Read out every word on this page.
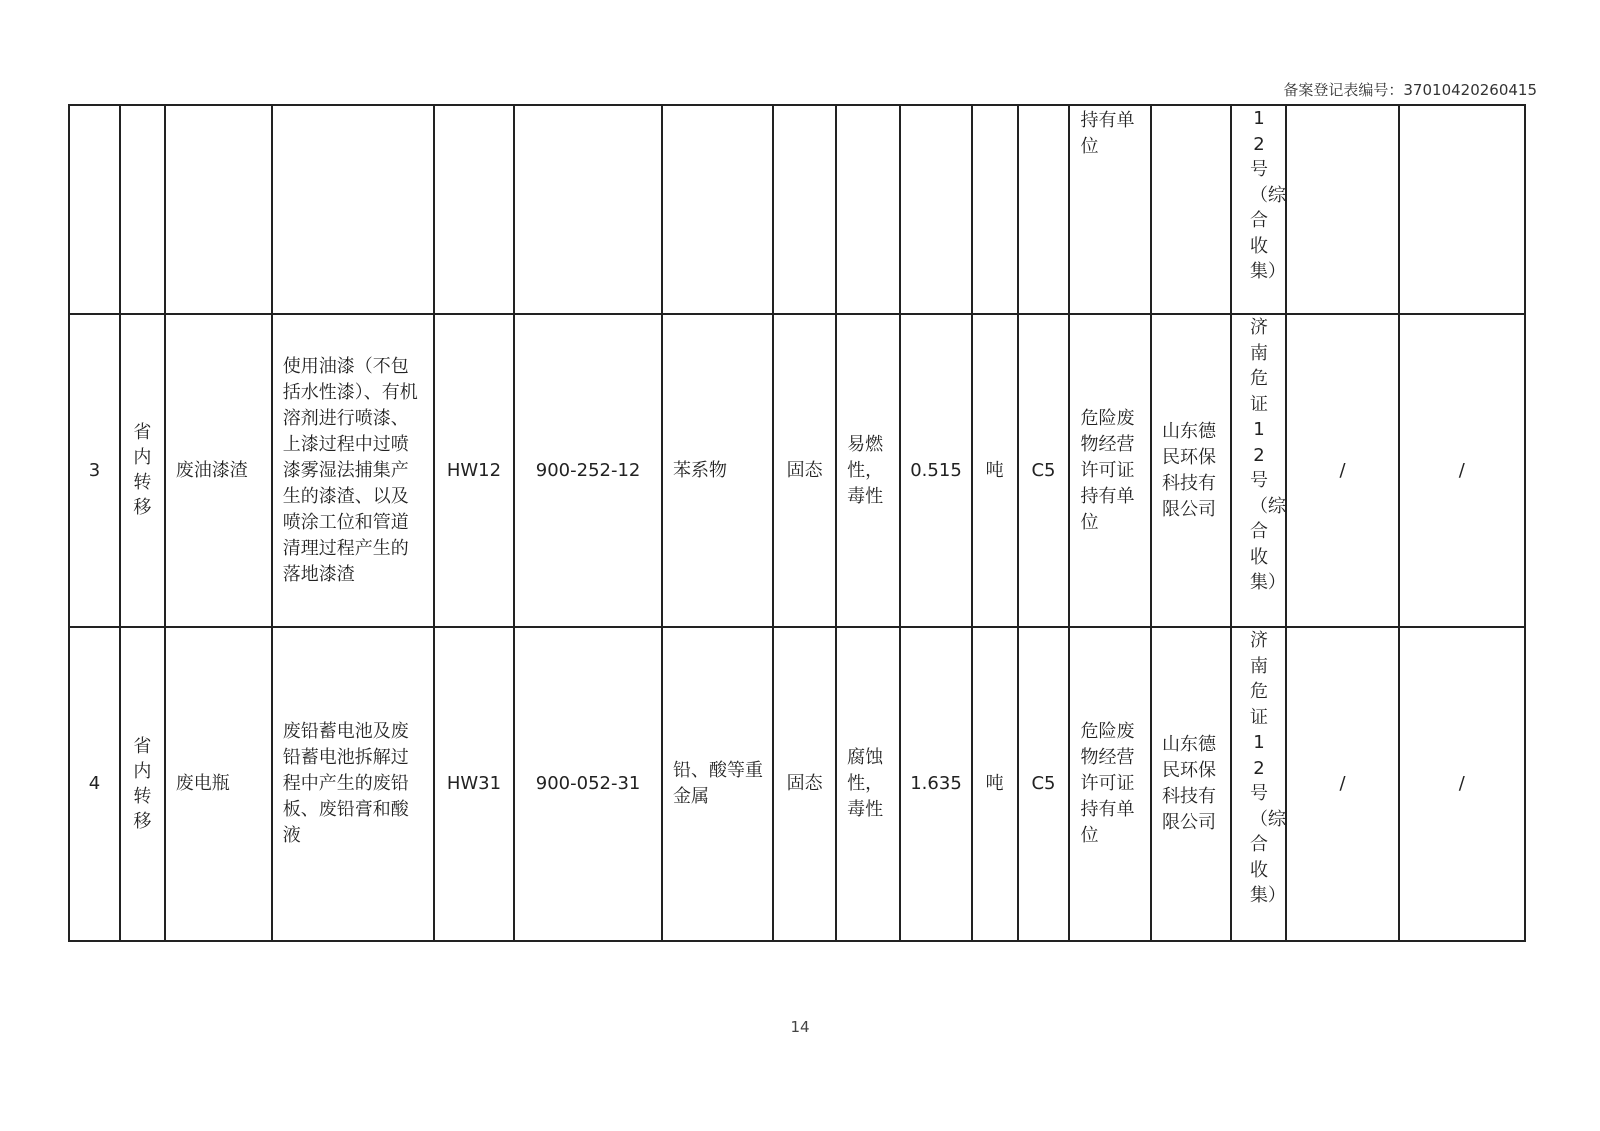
备案登记表编号：37010420260415
												持有单位		12号（综合收集）		
3	省内转移	废油漆渣	使用油漆（不包括水性漆）、有机溶剂进行喷漆、上漆过程中过喷漆雾湿法捕集产生的漆渣、以及喷涂工位和管道清理过程产生的落地漆渣	HW12	900-252-12	苯系物	固态	易燃性，毒性	0.515	吨	C5	危险废物经营许可证持有单位	山东德民环保科技有限公司	济南危证12号（综合收集）	/	/
4	省内转移	废电瓶	废铅蓄电池及废铅蓄电池拆解过程中产生的废铅板、废铅膏和酸液	HW31	900-052-31	铅、酸等重金属	固态	腐蚀性，毒性	1.635	吨	C5	危险废物经营许可证持有单位	山东德民环保科技有限公司	济南危证12号（综合收集）	/	/
14
